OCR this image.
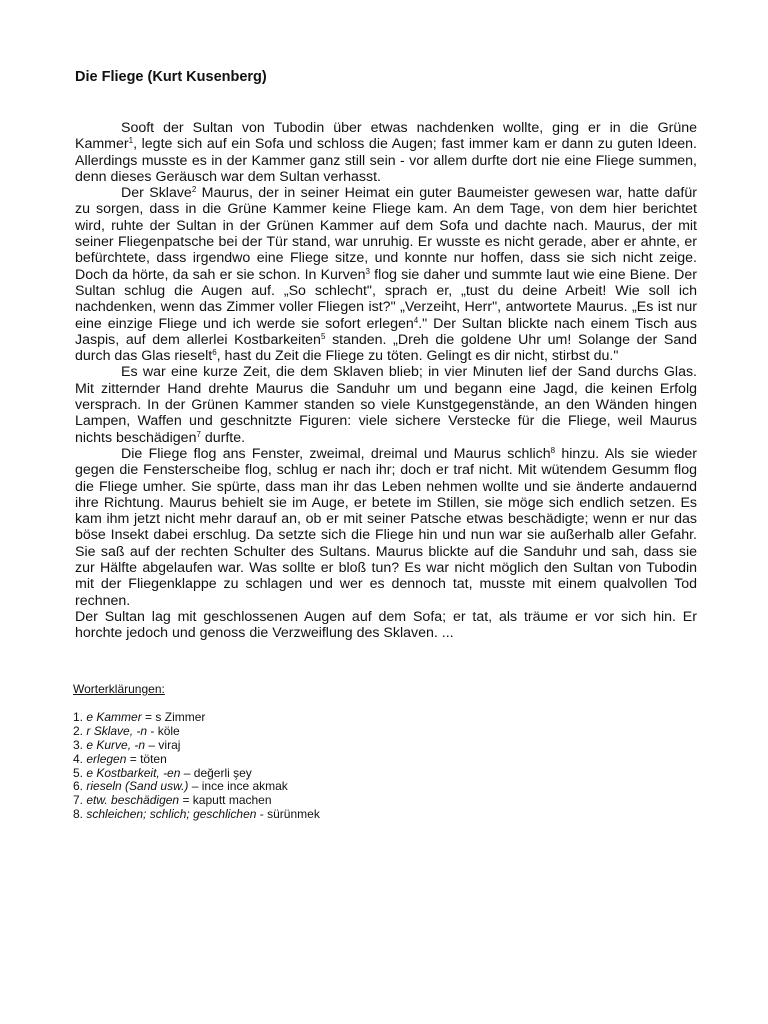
Die Fliege (Kurt Kusenberg)

Sooft der Sultan von Tubodin über etwas nachdenken wollte, ging er in die Grüne Kammer$^1$, legte sich auf ein Sofa und schloss die Augen; fast immer kam er dann zu guten Ideen. Allerdings musste es in der Kammer ganz still sein - vor allem durfte dort nie eine Fliege summen, denn dieses Geräusch war dem Sultan verhasst.

Der Sklave$^2$ Maurus, der in seiner Heimat ein guter Baumeister gewesen war, hatte dafür zu sorgen, dass in die Grüne Kammer keine Fliege kam. An dem Tage, von dem hier berichtet wird, ruhte der Sultan in der Grünen Kammer auf dem Sofa und dachte nach. Maurus, der mit seiner Fliegenpatsche bei der Tür stand, war unruhig. Er wusste es nicht gerade, aber er ahnte, er befürchtete, dass irgendwo eine Fliege sitze, und konnte nur hoffen, dass sie sich nicht zeige. Doch da hörte, da sah er sie schon. In Kurven$^3$ flog sie daher und summte laut wie eine Biene. Der Sultan schlug die Augen auf. „So schlecht", sprach er, „tust du deine Arbeit! Wie soll ich nachdenken, wenn das Zimmer voller Fliegen ist?" „Verzeiht, Herr", antwortete Maurus. „Es ist nur eine einzige Fliege und ich werde sie sofort erlegen$^4$." Der Sultan blickte nach einem Tisch aus Jaspis, auf dem allerlei Kostbarkeiten$^5$ standen. „Dreh die goldene Uhr um! Solange der Sand durch das Glas rieselt$^6$, hast du Zeit die Fliege zu töten. Gelingt es dir nicht, stirbst du."

Es war eine kurze Zeit, die dem Sklaven blieb; in vier Minuten lief der Sand durchs Glas. Mit zitternder Hand drehte Maurus die Sanduhr um und begann eine Jagd, die keinen Erfolg versprach. In der Grünen Kammer standen so viele Kunstgegenstände, an den Wänden hingen Lampen, Waffen und geschnitzte Figuren: viele sichere Verstecke für die Fliege, weil Maurus nichts beschädigen$^7$ durfte.

Die Fliege flog ans Fenster, zweimal, dreimal und Maurus schlich$^8$ hinzu. Als sie wieder gegen die Fensterscheibe flog, schlug er nach ihr; doch er traf nicht. Mit wütendem Gesumm flog die Fliege umher. Sie spürte, dass man ihr das Leben nehmen wollte und sie änderte andauernd ihre Richtung. Maurus behielt sie im Auge, er betete im Stillen, sie möge sich endlich setzen. Es kam ihm jetzt nicht mehr darauf an, ob er mit seiner Patsche etwas beschädigte; wenn er nur das böse Insekt dabei erschlug. Da setzte sich die Fliege hin und nun war sie außerhalb aller Gefahr. Sie saß auf der rechten Schulter des Sultans. Maurus blickte auf die Sanduhr und sah, dass sie zur Hälfte abgelaufen war. Was sollte er bloß tun? Es war nicht möglich den Sultan von Tubodin mit der Fliegenklappe zu schlagen und wer es dennoch tat, musste mit einem qualvollen Tod rechnen.

Der Sultan lag mit geschlossenen Augen auf dem Sofa; er tat, als träume er vor sich hin. Er horchte jedoch und genoss die Verzweiflung des Sklaven. ...

Worterklärungen:

1. e Kammer = s Zimmer
2. r Sklave, -n - köle
3. e Kurve, -n – viraj
4. erlegen = töten
5. e Kostbarkeit, -en – değerli şey
6. rieseln (Sand usw.) – ince ince akmak
7. etw. beschädigen = kaputt machen
8. schleichen; schlich; geschlichen - sürünmek
